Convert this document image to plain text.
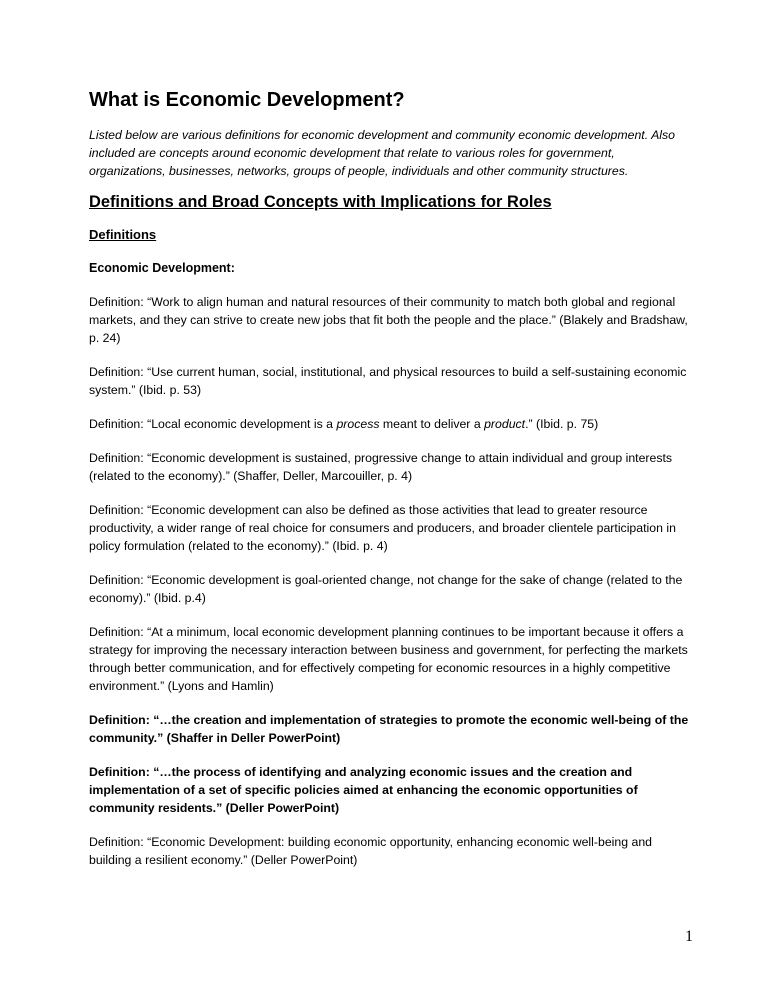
What is Economic Development?

Listed below are various definitions for economic development and community economic development. Also included are concepts around economic development that relate to various roles for government, organizations, businesses, networks, groups of people, individuals and other community structures.

Definitions and Broad Concepts with Implications for Roles
Definitions

Economic Development:

Definition: “Work to align human and natural resources of their community to match both global and regional markets, and they can strive to create new jobs that fit both the people and the place.” (Blakely and Bradshaw, p. 24)

Definition: “Use current human, social, institutional, and physical resources to build a self-sustaining economic system.” (Ibid. p. 53)

Definition: “Local economic development is a process meant to deliver a product.” (Ibid. p. 75)

Definition: “Economic development is sustained, progressive change to attain individual and group interests (related to the economy).” (Shaffer, Deller, Marcouiller, p. 4)

Definition: “Economic development can also be defined as those activities that lead to greater resource productivity, a wider range of real choice for consumers and producers, and broader clientele participation in policy formulation (related to the economy).” (Ibid. p. 4)

Definition: “Economic development is goal-oriented change, not change for the sake of change (related to the economy).” (Ibid. p.4)

Definition: “At a minimum, local economic development planning continues to be important because it offers a strategy for improving the necessary interaction between business and government, for perfecting the markets through better communication, and for effectively competing for economic resources in a highly competitive environment.” (Lyons and Hamlin)

Definition: “…the creation and implementation of strategies to promote the economic well-being of the community.” (Shaffer in Deller PowerPoint)

Definition: “…the process of identifying and analyzing economic issues and the creation and implementation of a set of specific policies aimed at enhancing the economic opportunities of community residents.” (Deller PowerPoint)

Definition: “Economic Development: building economic opportunity, enhancing economic well-being and building a resilient economy.” (Deller PowerPoint)

1
